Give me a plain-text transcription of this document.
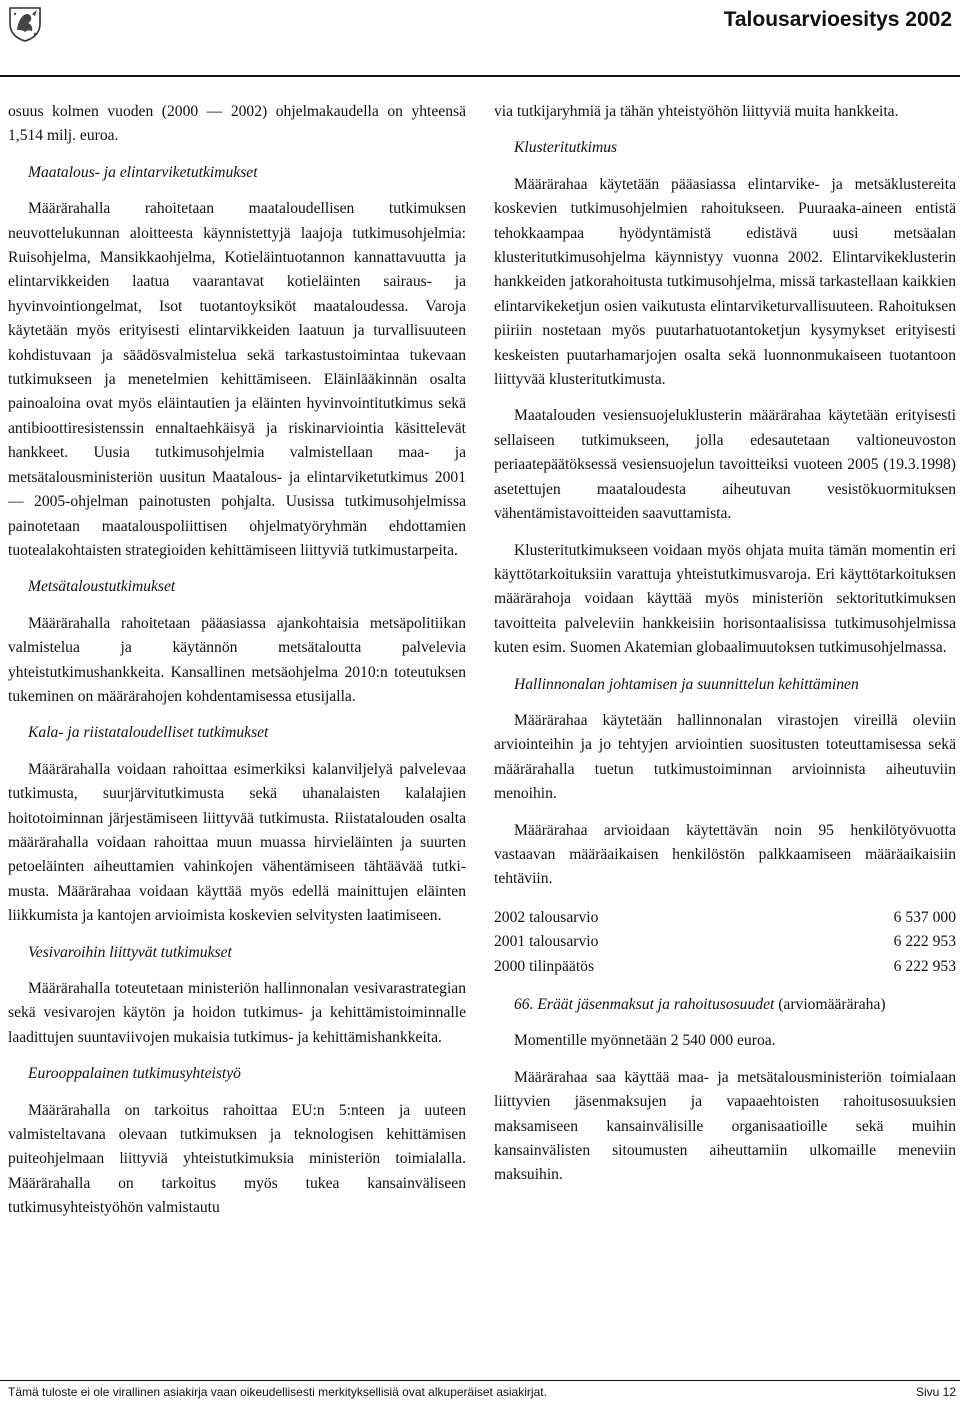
Talousarvioesitys 2002

osuus kolmen vuoden (2000 — 2002) ohjelmakaudella on yhteensä 1,514 milj. euroa.

Maatalous- ja elintarviketutkimukset

Määrärahalla rahoitetaan maataloudellisen tutkimuksen neuvottelukunnan aloitteesta käynnistettyjä laajoja tutkimusohjelmia: Ruisohjelma, Mansikkaohjelma, Kotieläintuotannon kannattavuutta ja elintarvikkeiden laatua vaarantavat kotieläinten sairaus- ja hyvinvointiongelmat, Isot tuotantoyksiköt maataloudessa. Varoja käytetään myös erityisesti elintarvikkeiden laatuun ja turvallisuuteen kohdistuvaan ja säädösvalmistelua sekä tarkastustoimintaa tukevaan tutkimukseen ja menetelmien kehittämiseen. Eläinlääkinnän osalta painoaloina ovat myös eläintautien ja eläinten hyvinvointitutkimus sekä antibioottiresistenssin ennaltaehkäisyä ja riskinarviointia käsittelevät hankkeet. Uusia tutkimusohjelmia valmistellaan maa- ja metsätalousministeriön uusitun Maatalous- ja elintarviketutkimus 2001 — 2005-ohjelman painotusten pohjalta. Uusissa tutkimusohjelmissa painotetaan maatalouspoliittisen ohjelmatyöryhmän ehdottamien tuotealakohtaisten strategioiden kehittämiseen liittyviä tutkimustarpeita.

Metsätaloustutkimukset

Määrärahalla rahoitetaan pääasiassa ajankohtaisia metsäpolitiikan valmistelua ja käytännön metsätaloutta palvelevia yhteistutkimushankkeita. Kansallinen metsäohjelma 2010:n toteutuksen tukeminen on määrärahojen kohdentamisessa etusijalla.

Kala- ja riistataloudelliset tutkimukset

Määrärahalla voidaan rahoittaa esimerkiksi kalanviljelyä palvelevaa tutkimusta, suurjärvitutkimusta sekä uhanalaisten kalalajien hoitotoiminnan järjestämiseen liittyvää tutkimusta. Riistatalouden osalta määrärahalla voidaan rahoittaa muun muassa hirvieläinten ja suurten petoeläinten aiheuttamien vahinkojen vähentämiseen tähtäävää tutkimusta. Määrärahaa voidaan käyttää myös edellä mainittujen eläinten liikkumista ja kantojen arvioimista koskevien selvitysten laatimiseen.

Vesivaroihin liittyvät tutkimukset

Määrärahalla toteutetaan ministeriön hallinnonalan vesivarastrategian sekä vesivarojen käytön ja hoidon tutkimus- ja kehittämistoiminnalle laadittujen suuntaviivojen mukaisia tutkimus- ja kehittämishankkeita.

Eurooppalainen tutkimusyhteistyö

Määrärahalla on tarkoitus rahoittaa EU:n 5:nteen ja uuteen valmisteltavana olevaan tutkimuksen ja teknologisen kehittämisen puiteohjelmaan liittyviä yhteistutkimuksia ministeriön toimialalla. Määrärahalla on tarkoitus myös tukea kansainväliseen tutkimusyhteistyöhön valmistautu

via tutkijaryhmiä ja tähän yhteistyöhön liittyviä muita hankkeita.

Klusteritutkimus

Määrärahaa käytetään pääasiassa elintarvike- ja metsäklustereita koskevien tutkimusohjelmien rahoitukseen. Puuraaka-aineen entistä tehokkaampaa hyödyntämistä edistävä uusi metsäalan klusteritutkimusohjelma käynnistyy vuonna 2002. Elintarvikeklusterin hankkeiden jatkorahoitusta tutkimusohjelma, missä tarkastellaan kaikkien elintarvikeketjun osien vaikutusta elintarviketurvallisuuteen. Rahoituksen piiriin nostetaan myös puutarhatuotantoketjun kysymykset erityisesti keskeisten puutarhamarjojen osalta sekä luonnonmukaiseen tuotantoon liittyvää klusteritutkimusta.

Maatalouden vesiensuojeluklusterin määrärahaa käytetään erityisesti sellaiseen tutkimukseen, jolla edesautetaan valtioneuvoston periaatepäätöksessä vesiensuojelun tavoitteiksi vuoteen 2005 (19.3.1998) asetettujen maataloudesta aiheutuvan vesistökuormituksen vähentämistavoitteiden saavuttamista.

Klusteritutkimukseen voidaan myös ohjata muita tämän momentin eri käyttötarkoituksiin varattuja yhteistutkimusvaroja. Eri käyttötarkoituksen määrärahoja voidaan käyttää myös ministeriön sektoritutkimuksen tavoitteita palveleviin hankkeisiin horisontaalisissa tutkimusohjelmissa kuten esim. Suomen Akatemian globaalimuutoksen tutkimusohjelmassa.

Hallinnonalan johtamisen ja suunnittelun kehittäminen

Määrärahaa käytetään hallinnonalan virastojen vireillä oleviin arviointeihin ja jo tehtyjen arviointien suositusten toteuttamisessa sekä määrärahalla tuetun tutkimustoiminnan arvioinnista aiheutuviin menoihin.

Määrärahaa arvioidaan käytettävän noin 95 henkilötyövuotta vastaavan määräaikaisen henkilöstön palkkaamiseen määräaikaisiin tehtäviin.

2002 talousarvio	6 537 000
2001 talousarvio	6 222 953
2000 tilinpäätös	6 222 953

66. Eräät jäsenmaksut ja rahoitusosuudet (arviomääräraha)

Momentille myönnetään 2 540 000 euroa.

Määrärahaa saa käyttää maa- ja metsätalousministeriön toimialaan liittyvien jäsenmaksujen ja vapaaehtoisten rahoitusosuuksien maksamiseen kansainvälisille organisaatioille sekä muihin kansainvälisten sitoumusten aiheuttamiin ulkomaille meneviin maksuihin.

Tämä tuloste ei ole virallinen asiakirja vaan oikeudellisesti merkityksellisiä ovat alkuperäiset asiakirjat.	Sivu 12
